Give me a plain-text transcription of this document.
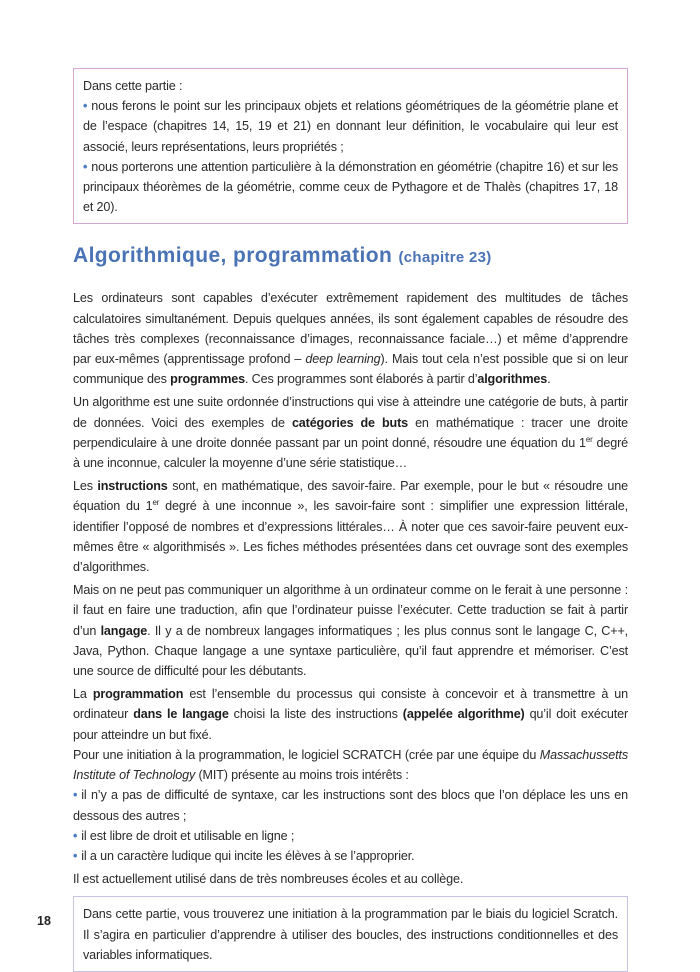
Dans cette partie :
• nous ferons le point sur les principaux objets et relations géométriques de la géométrie plane et de l’espace (chapitres 14, 15, 19 et 21) en donnant leur définition, le vocabulaire qui leur est associé, leurs représentations, leurs propriétés ;
• nous porterons une attention particulière à la démonstration en géométrie (chapitre 16) et sur les principaux théorèmes de la géométrie, comme ceux de Pythagore et de Thalès (chapitres 17, 18 et 20).
Algorithmique, programmation (chapitre 23)

Les ordinateurs sont capables d’exécuter extrêmement rapidement des multitudes de tâches calculatoires simultanément. Depuis quelques années, ils sont également capables de résoudre des tâches très complexes (reconnaissance d’images, reconnaissance faciale…) et même d’apprendre par eux-mêmes (apprentissage profond – deep learning). Mais tout cela n’est possible que si on leur communique des programmes. Ces programmes sont élaborés à partir d’algorithmes.

Un algorithme est une suite ordonnée d’instructions qui vise à atteindre une catégorie de buts, à partir de données. Voici des exemples de catégories de buts en mathématique : tracer une droite perpendiculaire à une droite donnée passant par un point donné, résoudre une équation du 1er degré à une inconnue, calculer la moyenne d’une série statistique…

Les instructions sont, en mathématique, des savoir-faire. Par exemple, pour le but « résoudre une équation du 1er degré à une inconnue », les savoir-faire sont : simplifier une expression littérale, identifier l’opposé de nombres et d’expressions littérales… À noter que ces savoir-faire peuvent eux-mêmes être « algorithmisés ». Les fiches méthodes présentées dans cet ouvrage sont des exemples d’algorithmes.

Mais on ne peut pas communiquer un algorithme à un ordinateur comme on le ferait à une personne : il faut en faire une traduction, afin que l’ordinateur puisse l’exécuter. Cette traduction se fait à partir d’un langage. Il y a de nombreux langages informatiques ; les plus connus sont le langage C, C++, Java, Python. Chaque langage a une syntaxe particulière, qu’il faut apprendre et mémoriser. C’est une source de difficulté pour les débutants.

La programmation est l’ensemble du processus qui consiste à concevoir et à transmettre à un ordinateur dans le langage choisi la liste des instructions (appelée algorithme) qu’il doit exécuter pour atteindre un but fixé.

Pour une initiation à la programmation, le logiciel SCRATCH (crée par une équipe du Massachussetts Institute of Technology (MIT) présente au moins trois intérêts :

• il n’y a pas de difficulté de syntaxe, car les instructions sont des blocs que l’on déplace les uns en dessous des autres ;
• il est libre de droit et utilisable en ligne ;
• il a un caractère ludique qui incite les élèves à se l’approprier.

Il est actuellement utilisé dans de très nombreuses écoles et au collège.

Dans cette partie, vous trouverez une initiation à la programmation par le biais du logiciel Scratch. Il s’agira en particulier d’apprendre à utiliser des boucles, des instructions conditionnelles et des variables informatiques.
18
